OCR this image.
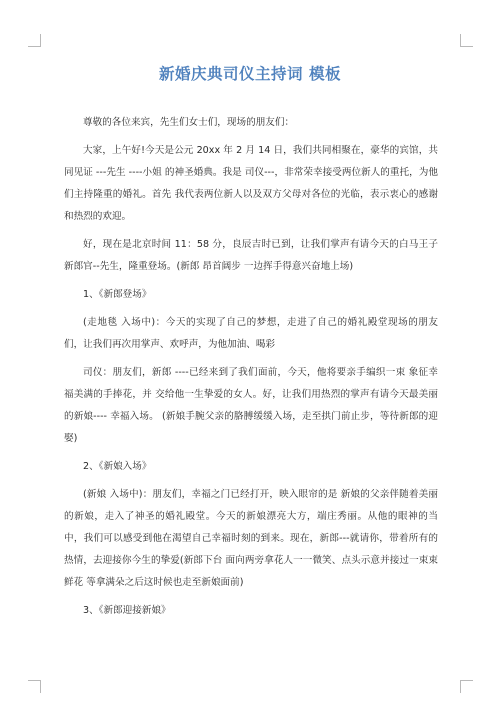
新婚庆典司仪主持词 模板

尊敬的各位来宾，先生们女士们，现场的朋友们：

大家，上午好!今天是公元 20xx 年 2 月 14 日，我们共同相聚在，豪华的宾馆，共同见证 ---先生 ----小姐 的神圣婚典。我是 司仪---，非常荣幸接受两位新人的重托，为他们主持隆重的婚礼。首先 我代表两位新人以及双方父母对各位的光临，表示衷心的感谢和热烈的欢迎。

好，现在是北京时间 11：58 分，良辰吉时已到，让我们掌声有请今天的白马王子新郎官--先生，隆重登场。(新郎 昂首阔步 一边挥手得意兴奋地上场)

1、《新郎登场》

(走地毯 入场中)：今天的实现了自己的梦想，走进了自己的婚礼殿堂现场的朋友们，让我们再次用掌声、欢呼声，为他加油、喝彩

司仪：朋友们，新郎 ----已经来到了我们面前，今天，他将要亲手编织一束 象征幸福美满的手捧花，并 交给他一生挚爱的女人。好，让我们用热烈的掌声有请今天最美丽的新娘---- 幸福入场。 (新娘手腕父亲的胳膊缓缓入场，走至拱门前止步，等待新郎的迎娶)

2、《新娘入场》

(新娘 入场中)：朋友们，幸福之门已经打开，映入眼帘的是 新娘的父亲伴随着美丽的新娘，走入了神圣的婚礼殿堂。今天的新娘漂亮大方，端庄秀丽。从他的眼神的当中，我们可以感受到他在渴望自己幸福时刻的到来。现在，新郎---就请你，带着所有的热情，去迎接你今生的挚爱(新郎下台 面向两旁拿花人一一微笑、点头示意并接过一束束鲜花 等拿满朵之后这时候也走至新娘面前)

3、《新郎迎接新娘》
